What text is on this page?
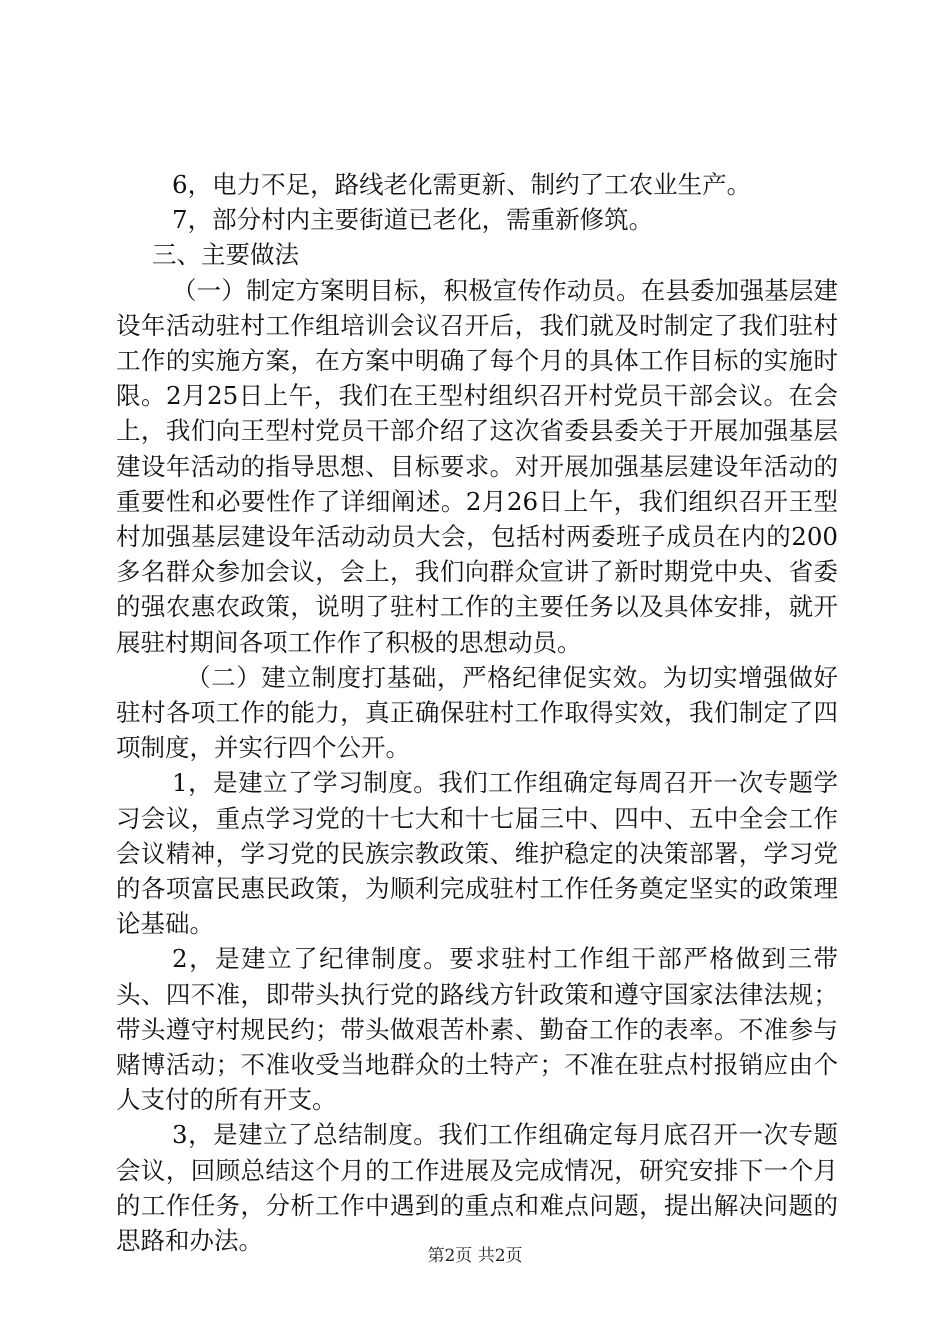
6，电力不足，路线老化需更新、制约了工农业生产。

7，部分村内主要街道已老化，需重新修筑。

三、主要做法

（一）制定方案明目标，积极宣传作动员。在县委加强基层建设年活动驻村工作组培训会议召开后，我们就及时制定了我们驻村工作的实施方案，在方案中明确了每个月的具体工作目标的实施时限。2月25日上午，我们在王型村组织召开村党员干部会议。在会上，我们向王型村党员干部介绍了这次省委县委关于开展加强基层建设年活动的指导思想、目标要求。对开展加强基层建设年活动的重要性和必要性作了详细阐述。2月26日上午，我们组织召开王型村加强基层建设年活动动员大会，包括村两委班子成员在内的200多名群众参加会议，会上，我们向群众宣讲了新时期党中央、省委的强农惠农政策，说明了驻村工作的主要任务以及具体安排，就开展驻村期间各项工作作了积极的思想动员。

（二）建立制度打基础，严格纪律促实效。为切实增强做好驻村各项工作的能力，真正确保驻村工作取得实效，我们制定了四项制度，并实行四个公开。

1，是建立了学习制度。我们工作组确定每周召开一次专题学习会议，重点学习党的十七大和十七届三中、四中、五中全会工作会议精神，学习党的民族宗教政策、维护稳定的决策部署，学习党的各项富民惠民政策，为顺利完成驻村工作任务奠定坚实的政策理论基础。

2，是建立了纪律制度。要求驻村工作组干部严格做到三带头、四不准，即带头执行党的路线方针政策和遵守国家法律法规；带头遵守村规民约；带头做艰苦朴素、勤奋工作的表率。不准参与赌博活动；不准收受当地群众的土特产；不准在驻点村报销应由个人支付的所有开支。

3，是建立了总结制度。我们工作组确定每月底召开一次专题会议，回顾总结这个月的工作进展及完成情况，研究安排下一个月的工作任务，分析工作中遇到的重点和难点问题，提出解决问题的思路和办法。

第2页 共2页
